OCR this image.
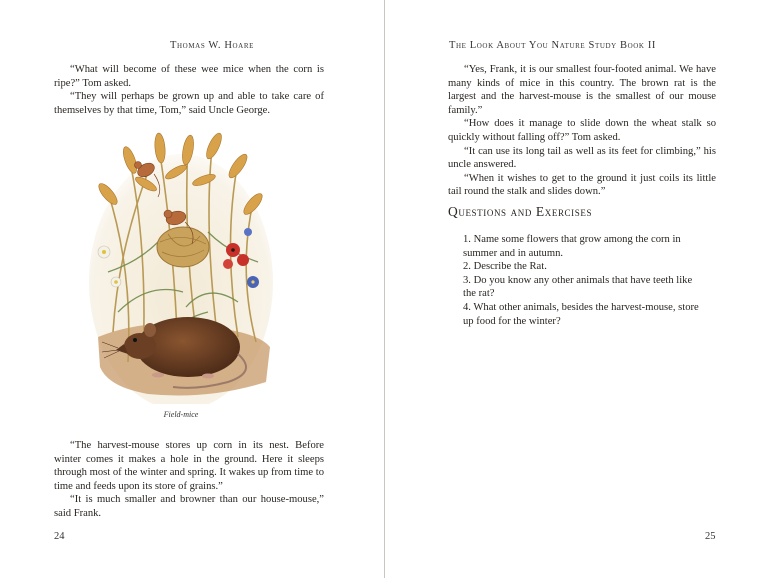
Thomas W. Hoare

“What will become of these wee mice when the corn is ripe?” Tom asked.

“They will perhaps be grown up and able to take care of themselves by that time, Tom,” said Uncle George.

Field-mice

“The harvest-mouse stores up corn in its nest. Before winter comes it makes a hole in the ground. Here it sleeps through most of the winter and spring. It wakes up from time to time and feeds upon its store of grains.”

“It is much smaller and browner than our house-mouse,” said Frank.

24
The Look About You Nature Study Book II

“Yes, Frank, it is our smallest four-footed animal. We have many kinds of mice in this country. The brown rat is the largest and the harvest-mouse is the smallest of our mouse family.”

“How does it manage to slide down the wheat stalk so quickly without falling off?” Tom asked.

“It can use its long tail as well as its feet for climbing,” his uncle answered.

“When it wishes to get to the ground it just coils its little tail round the stalk and slides down.”

Questions and Exercises

1. Name some flowers that grow among the corn in summer and in autumn.

2. Describe the Rat.

3. Do you know any other animals that have teeth like the rat?

4. What other animals, besides the harvest-mouse, store up food for the winter?

25
